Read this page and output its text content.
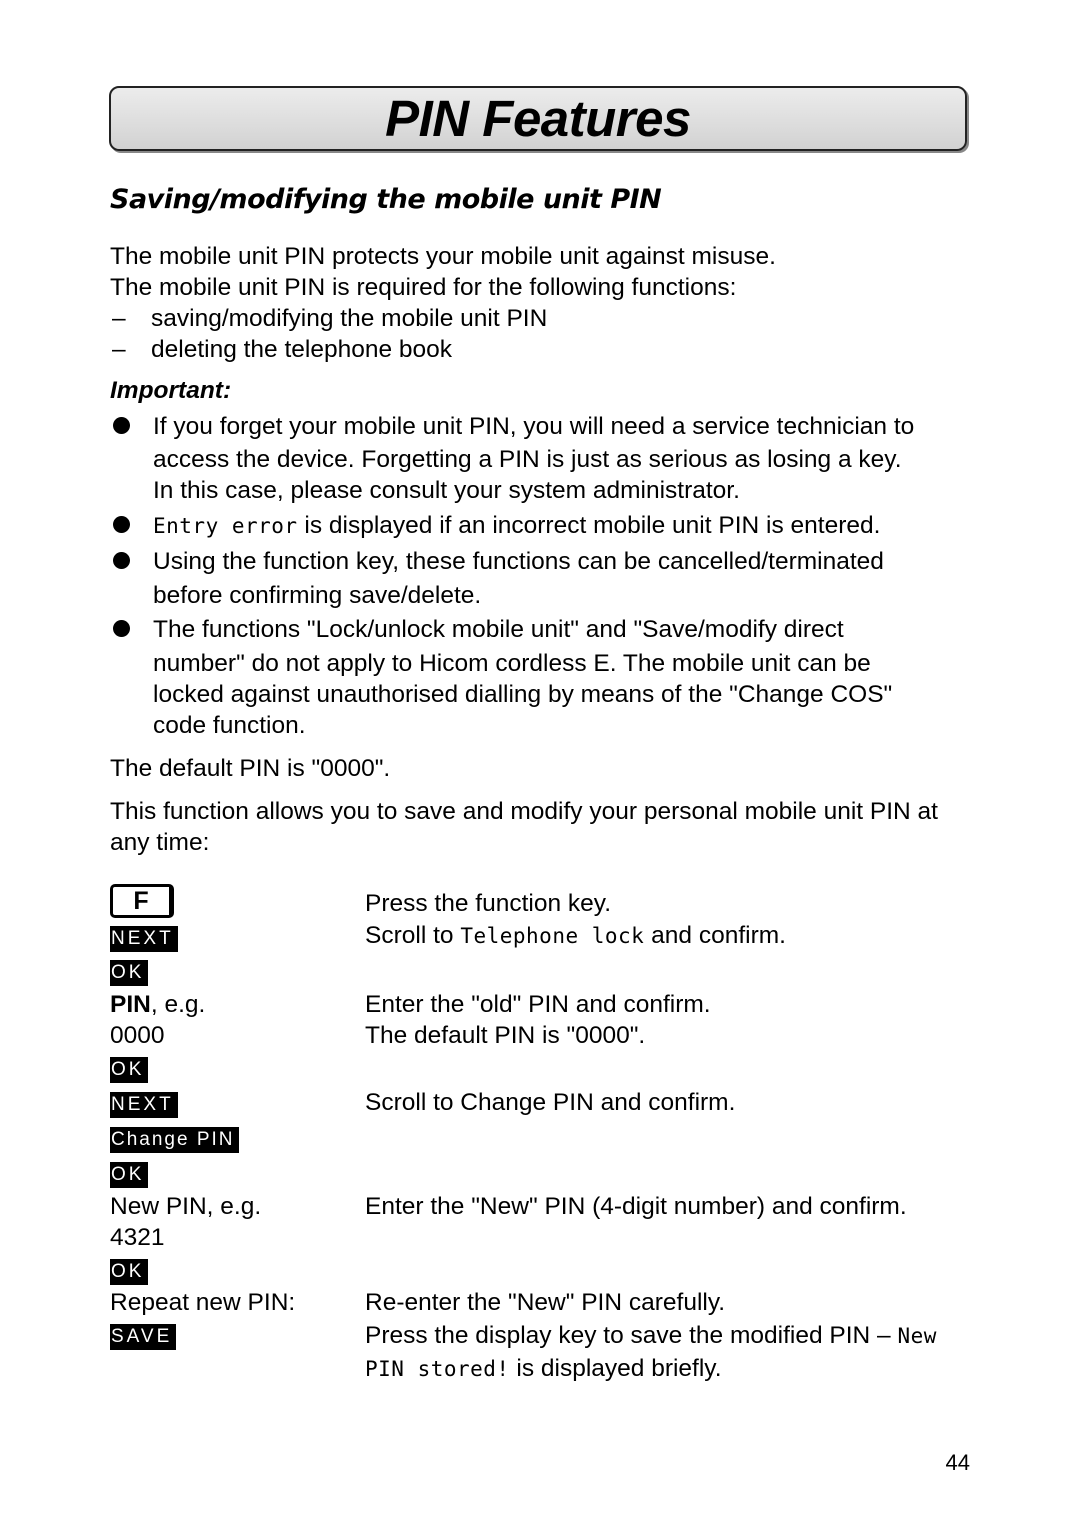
PIN Features
Saving/modifying the mobile unit PIN
The mobile unit PIN protects your mobile unit against misuse.
The mobile unit PIN is required for the following functions:
– saving/modifying the mobile unit PIN
– deleting the telephone book
Important:
If you forget your mobile unit PIN, you will need a service technician to
access the device. Forgetting a PIN is just as serious as losing a key.
In this case, please consult your system administrator.
Entry error is displayed if an incorrect mobile unit PIN is entered.
Using the function key, these functions can be cancelled/terminated
before confirming save/delete.
The functions "Lock/unlock mobile unit" and "Save/modify direct
number" do not apply to Hicom cordless E. The mobile unit can be
locked against unauthorised dialling by means of the "Change COS"
code function.
The default PIN is "0000".
This function allows you to save and modify your personal mobile unit PIN at
any time:
F
NEXT
OK
PIN, e.g.
0000
OK
NEXT
Change PIN
OK
New PIN, e.g.
4321
OK
Repeat new PIN:
SAVE
Press the function key.
Scroll to Telephone lock and confirm.
Enter the "old" PIN and confirm.
The default PIN is "0000".
Scroll to Change PIN and confirm.
Enter the "New" PIN (4-digit number) and confirm.
Re-enter the "New" PIN carefully.
Press the display key to save the modified PIN – New
PIN stored! is displayed briefly.
44
